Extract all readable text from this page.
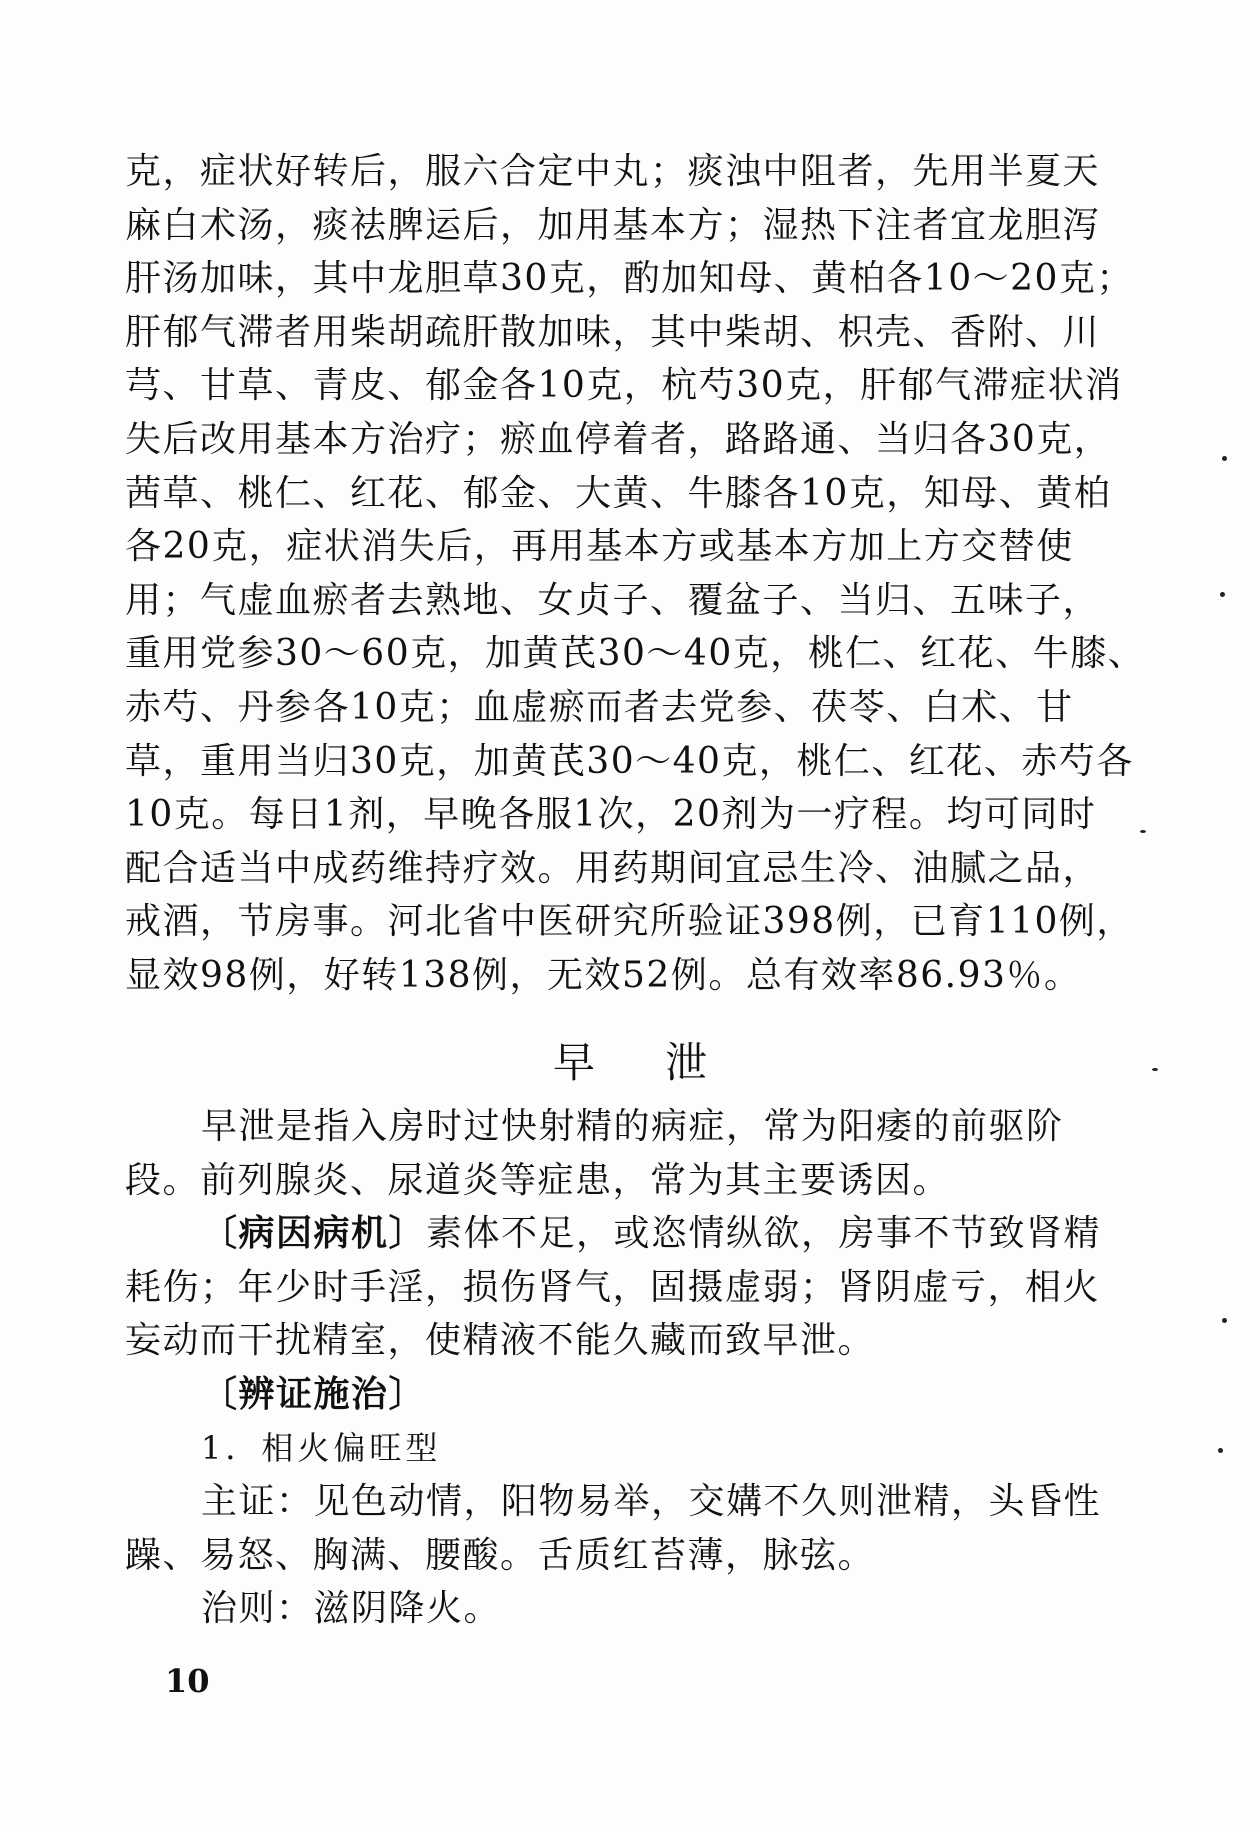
克，症状好转后，服六合定中丸；痰浊中阻者，先用半夏天
麻白术汤，痰祛脾运后，加用基本方；湿热下注者宜龙胆泻
肝汤加味，其中龙胆草30克，酌加知母、黄柏各10～20克；
肝郁气滞者用柴胡疏肝散加味，其中柴胡、枳壳、香附、川
芎、甘草、青皮、郁金各10克，杭芍30克，肝郁气滞症状消
失后改用基本方治疗；瘀血停着者，路路通、当归各30克，
茜草、桃仁、红花、郁金、大黄、牛膝各10克，知母、黄柏
各20克，症状消失后，再用基本方或基本方加上方交替使
用；气虚血瘀者去熟地、女贞子、覆盆子、当归、五味子，
重用党参30～60克，加黄芪30～40克，桃仁、红花、牛膝、
赤芍、丹参各10克；血虚瘀而者去党参、茯苓、白术、甘
草，重用当归30克，加黄芪30～40克，桃仁、红花、赤芍各
10克。每日1剂，早晚各服1次，20剂为一疗程。均可同时
配合适当中成药维持疗效。用药期间宜忌生冷、油腻之品，
戒酒，节房事。河北省中医研究所验证398例，已育110例，
显效98例，好转138例，无效52例。总有效率86.93％。
早泄
早泄是指入房时过快射精的病症，常为阳痿的前驱阶
段。前列腺炎、尿道炎等症患，常为其主要诱因。
〔病因病机〕素体不足，或恣情纵欲，房事不节致肾精
耗伤；年少时手淫，损伤肾气，固摄虚弱；肾阴虚亏，相火
妄动而干扰精室，使精液不能久藏而致早泄。
〔辨证施治〕
1．相火偏旺型
主证：见色动情，阳物易举，交媾不久则泄精，头昏性
躁、易怒、胸满、腰酸。舌质红苔薄，脉弦。
治则：滋阴降火。
10
